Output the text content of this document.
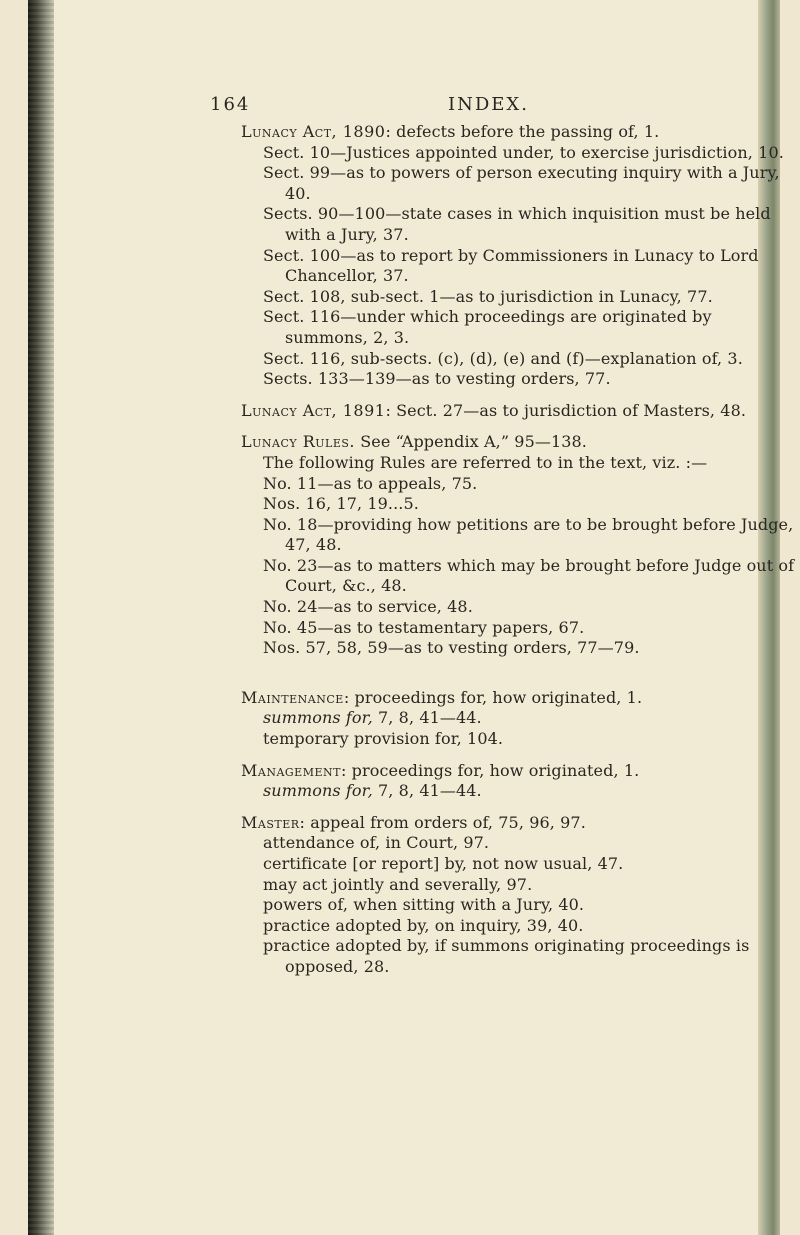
164	INDEX.

Lunacy Act, 1890: defects before the passing of, 1.

Sect. 10—Justices appointed under, to exercise jurisdiction, 10.

Sect. 99—as to powers of person executing inquiry with a Jury, 40.

Sects. 90—100—state cases in which inquisition must be held with a Jury, 37.

Sect. 100—as to report by Commissioners in Lunacy to Lord Chancellor, 37.

Sect. 108, sub-sect. 1—as to jurisdiction in Lunacy, 77.

Sect. 116—under which proceedings are originated by summons, 2, 3.

Sect. 116, sub-sects. (c), (d), (e) and (f)—explanation of, 3.

Sects. 133—139—as to vesting orders, 77.

Lunacy Act, 1891: Sect. 27—as to jurisdiction of Masters, 48.

Lunacy Rules. See “Appendix A,” 95—138.

The following Rules are referred to in the text, viz. :—

No. 11—as to appeals, 75.

Nos. 16, 17, 19...5.

No. 18—providing how petitions are to be brought before Judge, 47, 48.

No. 23—as to matters which may be brought before Judge out of Court, &c., 48.

No. 24—as to service, 48.

No. 45—as to testamentary papers, 67.

Nos. 57, 58, 59—as to vesting orders, 77—79.

Maintenance: proceedings for, how originated, 1.

summons for, 7, 8, 41—44.

temporary provision for, 104.

Management: proceedings for, how originated, 1.

summons for, 7, 8, 41—44.

Master: appeal from orders of, 75, 96, 97.

attendance of, in Court, 97.

certificate [or report] by, not now usual, 47.

may act jointly and severally, 97.

powers of, when sitting with a Jury, 40.

practice adopted by, on inquiry, 39, 40.

practice adopted by, if summons originating proceedings is opposed, 28.
